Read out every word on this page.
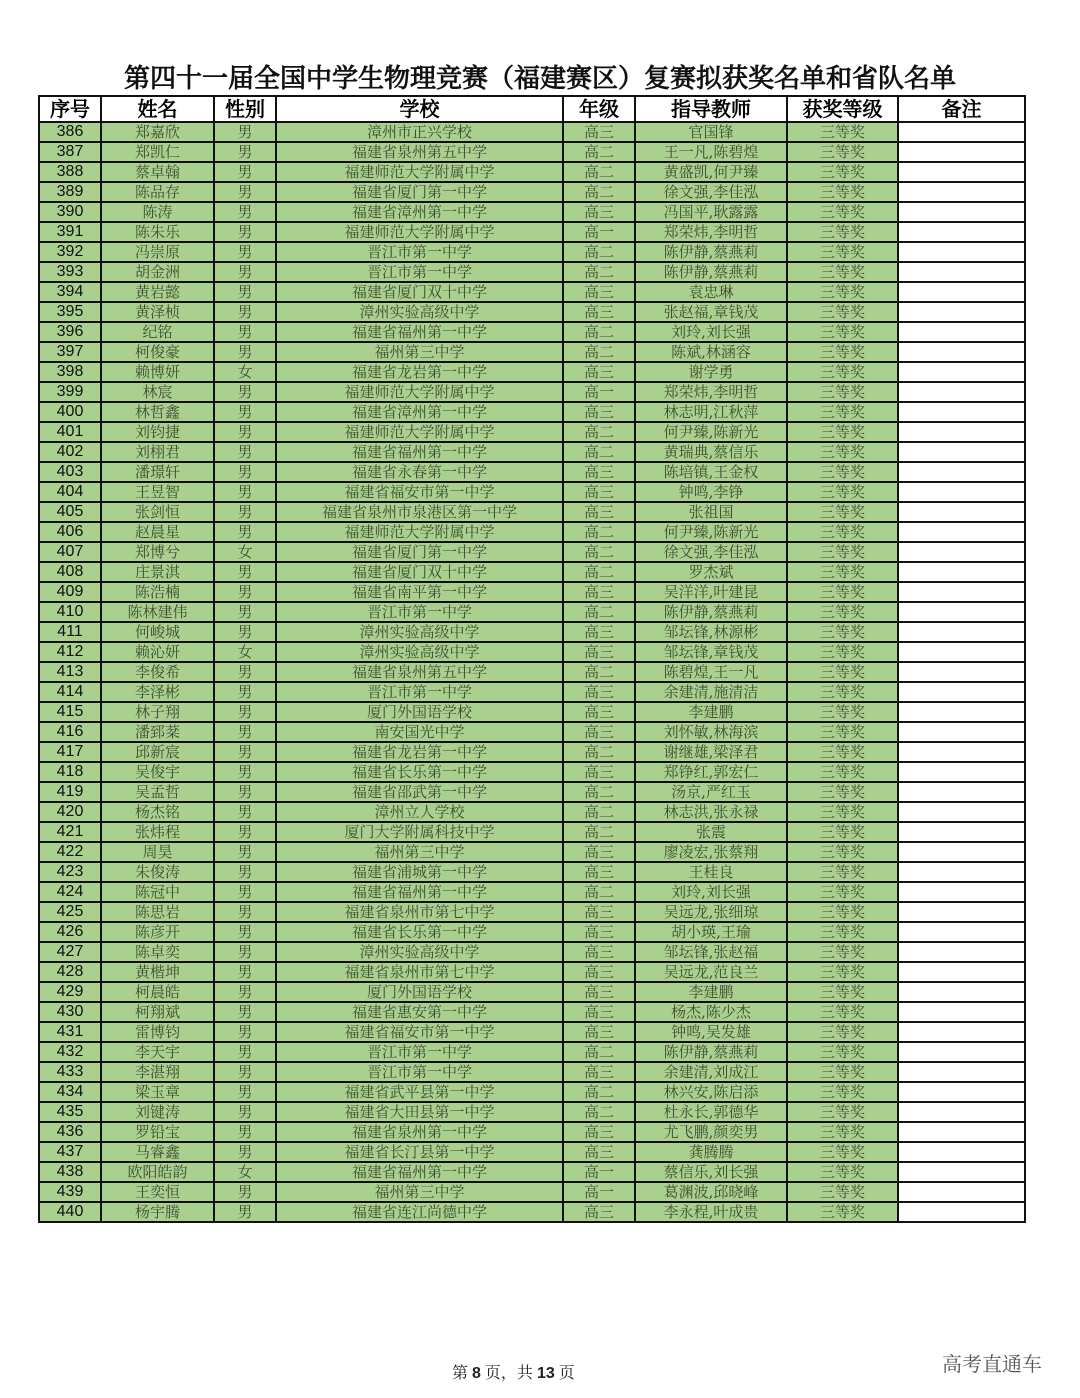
第四十一届全国中学生物理竞赛（福建赛区）复赛拟获奖名单和省队名单
序号	姓名	性别	学校	年级	指导教师	获奖等级	备注
386	郑嘉欣	男	漳州市正兴学校	高三	官国锋	三等奖	
387	郑凯仁	男	福建省泉州第五中学	高二	王一凡,陈碧煌	三等奖	
388	蔡卓翰	男	福建师范大学附属中学	高二	黄盛凯,何尹臻	三等奖	
389	陈品存	男	福建省厦门第一中学	高二	徐文强,李佳泓	三等奖	
390	陈涛	男	福建省漳州第一中学	高三	冯国平,耿露露	三等奖	
391	陈朱乐	男	福建师范大学附属中学	高一	郑荣炜,李明哲	三等奖	
392	冯崇原	男	晋江市第一中学	高二	陈伊静,蔡燕莉	三等奖	
393	胡金洲	男	晋江市第一中学	高二	陈伊静,蔡燕莉	三等奖	
394	黄岩懿	男	福建省厦门双十中学	高三	袁忠琳	三等奖	
395	黄泽桢	男	漳州实验高级中学	高三	张赵福,章钱茂	三等奖	
396	纪铭	男	福建省福州第一中学	高二	刘玲,刘长强	三等奖	
397	柯俊豪	男	福州第三中学	高二	陈斌,林涵容	三等奖	
398	赖博妍	女	福建省龙岩第一中学	高三	谢学勇	三等奖	
399	林宸	男	福建师范大学附属中学	高一	郑荣炜,李明哲	三等奖	
400	林哲鑫	男	福建省漳州第一中学	高三	林志明,江秋萍	三等奖	
401	刘钧捷	男	福建师范大学附属中学	高二	何尹臻,陈新光	三等奖	
402	刘栩君	男	福建省福州第一中学	高二	黄瑞典,蔡信乐	三等奖	
403	潘璟轩	男	福建省永春第一中学	高三	陈培镇,王金权	三等奖	
404	王昱智	男	福建省福安市第一中学	高三	钟鸣,李铮	三等奖	
405	张剑恒	男	福建省泉州市泉港区第一中学	高三	张祖国	三等奖	
406	赵晨星	男	福建师范大学附属中学	高二	何尹臻,陈新光	三等奖	
407	郑博兮	女	福建省厦门第一中学	高二	徐文强,李佳泓	三等奖	
408	庄景淇	男	福建省厦门双十中学	高二	罗杰斌	三等奖	
409	陈浩楠	男	福建省南平第一中学	高三	吴洋洋,叶建昆	三等奖	
410	陈林建伟	男	晋江市第一中学	高二	陈伊静,蔡燕莉	三等奖	
411	何峻城	男	漳州实验高级中学	高三	邹坛锋,林源彬	三等奖	
412	赖沁妍	女	漳州实验高级中学	高三	邹坛锋,章钱茂	三等奖	
413	李俊希	男	福建省泉州第五中学	高二	陈碧煌,王一凡	三等奖	
414	李泽彬	男	晋江市第一中学	高三	余建清,施清洁	三等奖	
415	林子翔	男	厦门外国语学校	高三	李建鹏	三等奖	
416	潘郅棻	男	南安国光中学	高三	刘怀敏,林海滨	三等奖	
417	邱新宸	男	福建省龙岩第一中学	高二	谢继雄,梁泽君	三等奖	
418	吴俊宇	男	福建省长乐第一中学	高三	郑铮红,郭宏仁	三等奖	
419	吴孟哲	男	福建省邵武第一中学	高二	汤京,严红玉	三等奖	
420	杨杰铭	男	漳州立人学校	高二	林志洪,张永禄	三等奖	
421	张炜程	男	厦门大学附属科技中学	高二	张震	三等奖	
422	周昊	男	福州第三中学	高三	廖凌宏,张蔡翔	三等奖	
423	朱俊涛	男	福建省浦城第一中学	高三	王桂良	三等奖	
424	陈冠中	男	福建省福州第一中学	高二	刘玲,刘长强	三等奖	
425	陈思岩	男	福建省泉州市第七中学	高三	吴远龙,张细琼	三等奖	
426	陈彦开	男	福建省长乐第一中学	高三	胡小瑛,王瑜	三等奖	
427	陈卓奕	男	漳州实验高级中学	高三	邹坛锋,张赵福	三等奖	
428	黄楷坤	男	福建省泉州市第七中学	高三	吴远龙,范良兰	三等奖	
429	柯晨皓	男	厦门外国语学校	高三	李建鹏	三等奖	
430	柯翔斌	男	福建省惠安第一中学	高三	杨杰,陈少杰	三等奖	
431	雷博钧	男	福建省福安市第一中学	高三	钟鸣,吴发雄	三等奖	
432	李天宇	男	晋江市第一中学	高二	陈伊静,蔡燕莉	三等奖	
433	李湛翔	男	晋江市第一中学	高三	余建清,刘成江	三等奖	
434	梁玉章	男	福建省武平县第一中学	高二	林兴安,陈启添	三等奖	
435	刘键涛	男	福建省大田县第一中学	高二	杜永长,郭德华	三等奖	
436	罗铅宝	男	福建省泉州第一中学	高三	尤飞鹏,颜奕男	三等奖	
437	马睿鑫	男	福建省长汀县第一中学	高三	龚腾腾	三等奖	
438	欧阳皓韵	女	福建省福州第一中学	高一	蔡信乐,刘长强	三等奖	
439	王奕恒	男	福州第三中学	高一	葛渊波,邱晓峰	三等奖	
440	杨宇腾	男	福建省连江尚德中学	高三	李永程,叶成贵	三等奖	
第 8 页，共 13 页	高考直通车
